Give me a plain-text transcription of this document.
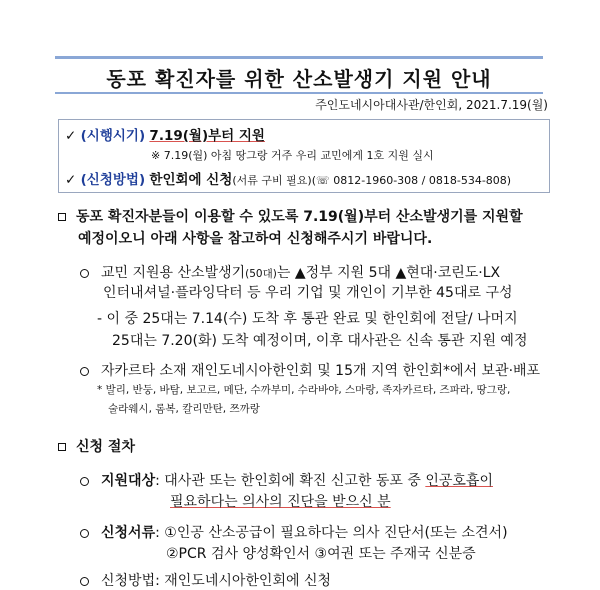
동포 확진자를 위한 산소발생기 지원 안내
주인도네시아대사관/한인회, 2021.7.19(월)
✓ (시행시기) 7.19(월)부터 지원
※ 7.19(월) 아침 땅그랑 거주 우리 교민에게 1호 지원 실시
✓ (신청방법) 한인회에 신청(서류 구비 필요)(☏ 0812-1960-308 / 0818-534-808)
동포 확진자분들이 이용할 수 있도록 7.19(월)부터 산소발생기를 지원할
예정이오니 아래 사항을 참고하여 신청해주시기 바랍니다.
교민 지원용 산소발생기(50대)는 ▲정부 지원 5대 ▲현대·코린도·LX
인터내셔널·플라잉닥터 등 우리 기업 및 개인이 기부한 45대로 구성
- 이 중 25대는 7.14(수) 도착 후 통관 완료 및 한인회에 전달/ 나머지
25대는 7.20(화) 도착 예정이며, 이후 대사관은 신속 통관 지원 예정
자카르타 소재 재인도네시아한인회 및 15개 지역 한인회*에서 보관·배포
* 발리, 반둥, 바탐, 보고르, 메단, 수까부미, 수라바야, 스마랑, 족자카르타, 즈파라, 땅그랑,
술라웨시, 롬복, 칼리만탄, 쯔까랑
신청 절차
지원대상: 대사관 또는 한인회에 확진 신고한 동포 중 인공호흡이
필요하다는 의사의 진단을 받으신 분
신청서류: ①인공 산소공급이 필요하다는 의사 진단서(또는 소견서)
②PCR 검사 양성확인서 ③여권 또는 주재국 신분증
신청방법: 재인도네시아한인회에 신청
